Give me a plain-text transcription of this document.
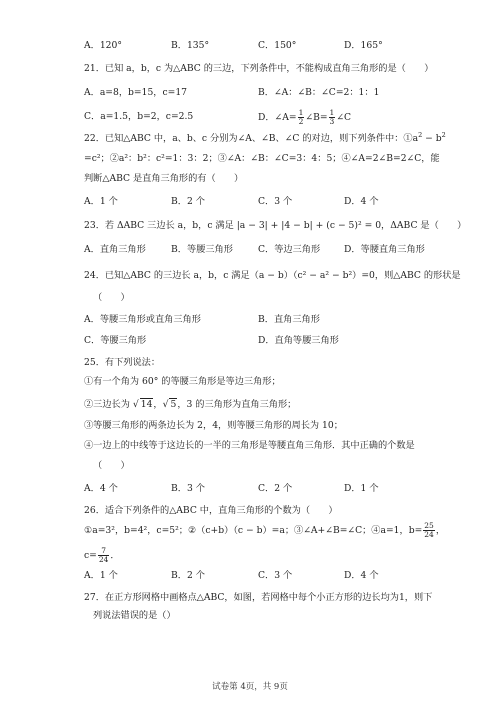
A．120°	B．135°	C．150°	D．165°
21．已知 a，b，c 为△ABC 的三边，下列条件中，不能构成直角三角形的是（　　）
A．a=8，b=15，c=17	B．∠A：∠B：∠C=2：1：1
C．a=1.5，b=2，c=2.5	D．∠A= $\frac{1}{2}$ ∠B= $\frac{1}{3}$ ∠C
22．已知△ABC 中，a、b、c 分别为∠A、∠B、∠C 的对边，则下列条件中：$①a^2 - b^2$
=c²；②a²：b²：c²=1：3：2；③∠A：∠B：∠C=3：4：5；④∠A=2∠B=2∠C，能
判断△ABC 是直角三角形的有（　　）
A．1 个	B．2 个	C．3 个	D．4 个
23．若 ΔABC 三边长 a，b，c 满足 |a − 3| + |4 − b| + (c − 5)² = 0，ΔABC 是（　　）
A．直角三角形	B．等腰三角形	C．等边三角形	D．等腰直角三角形
24．已知△ABC 的三边长 a，b，c 满足（a − b）（c² − a² − b²）=0，则△ABC 的形状是
（　　）
A．等腰三角形或直角三角形	B．直角三角形
C．等腰三角形	D．直角等腰三角形
25．有下列说法：
①有一个角为 60° 的等腰三角形是等边三角形；
②三边长为 √ 14，√ 5，3 的三角形为直角三角形；
③等腰三角形的两条边长为 2，4，则等腰三角形的周长为 10；
④一边上的中线等于这边长的一半的三角形是等腰直角三角形．其中正确的个数是
（　　）
A．4 个	B．3 个	C．2 个	D．1 个
26．适合下列条件的△ABC 中，直角三角形的个数为（　　）
①a=3²，b=4²，c=5²；②（c+b）（c − b）=a；③∠A+∠B=∠C；④a=1，$b= \frac{25}{24}$ ，
$c= \frac{7}{24}$ ．
A．1 个	B．2 个	C．3 个	D．4 个
27．在正方形网格中画格点△ABC，如图，若网格中每个小正方形的边长均为1，则下
列说法错误的是（）
试卷第 4页，共 9页
